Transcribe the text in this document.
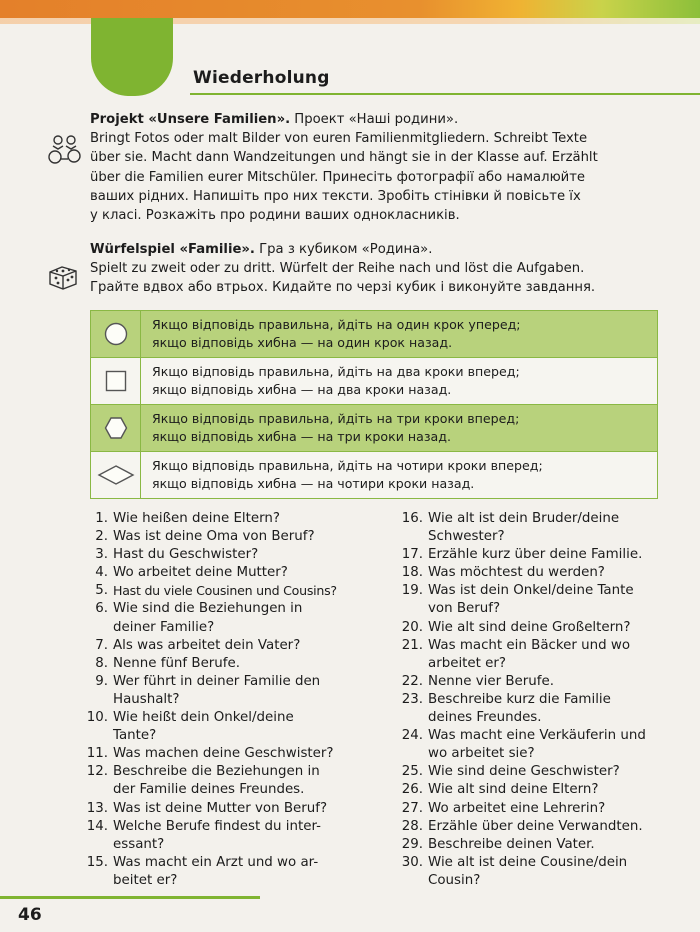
Wiederholung
Projekt «Unsere Familien». Проект «Наші родини».
Bringt Fotos oder malt Bilder von euren Familienmitgliedern. Schreibt Texte
über sie. Macht dann Wandzeitungen und hängt sie in der Klasse auf. Erzählt
über die Familien eurer Mitschüler. Принесіть фотографії або намалюйте
ваших рідних. Напишіть про них тексти. Зробіть стінівки й повісьте їх
у класі. Розкажіть про родини ваших однокласників.
Würfelspiel «Familie». Гра з кубиком «Родина».
Spielt zu zweit oder zu dritt. Würfelt der Reihe nach und löst die Aufgaben.
Грайте вдвох або втрьох. Кидайте по черзі кубик і виконуйте завдання.
Якщо відповідь правильна, йдіть на один крок уперед;
якщо відповідь хибна — на один крок назад.
Якщо відповідь правильна, йдіть на два кроки вперед;
якщо відповідь хибна — на два кроки назад.
Якщо відповідь правильна, йдіть на три кроки вперед;
якщо відповідь хибна — на три кроки назад.
Якщо відповідь правильна, йдіть на чотири кроки вперед;
якщо відповідь хибна — на чотири кроки назад.
1. Wie heißen deine Eltern?
2. Was ist deine Oma von Beruf?
3. Hast du Geschwister?
4. Wo arbeitet deine Mutter?
5. Hast du viele Cousinen und Cousins?
6. Wie sind die Beziehungen in
deiner Familie?
7. Als was arbeitet dein Vater?
8. Nenne fünf Berufe.
9. Wer führt in deiner Familie den
Haushalt?
10. Wie heißt dein Onkel/deine
Tante?
11. Was machen deine Geschwister?
12. Beschreibe die Beziehungen in
der Familie deines Freundes.
13. Was ist deine Mutter von Beruf?
14. Welche Berufe findest du inter-
essant?
15. Was macht ein Arzt und wo ar-
beitet er?
16. Wie alt ist dein Bruder/deine
Schwester?
17. Erzähle kurz über deine Familie.
18. Was möchtest du werden?
19. Was ist dein Onkel/deine Tante
von Beruf?
20. Wie alt sind deine Großeltern?
21. Was macht ein Bäcker und wo
arbeitet er?
22. Nenne vier Berufe.
23. Beschreibe kurz die Familie
deines Freundes.
24. Was macht eine Verkäuferin und
wo arbeitet sie?
25. Wie sind deine Geschwister?
26. Wie alt sind deine Eltern?
27. Wo arbeitet eine Lehrerin?
28. Erzähle über deine Verwandten.
29. Beschreibe deinen Vater.
30. Wie alt ist deine Cousine/dein
Cousin?
46
